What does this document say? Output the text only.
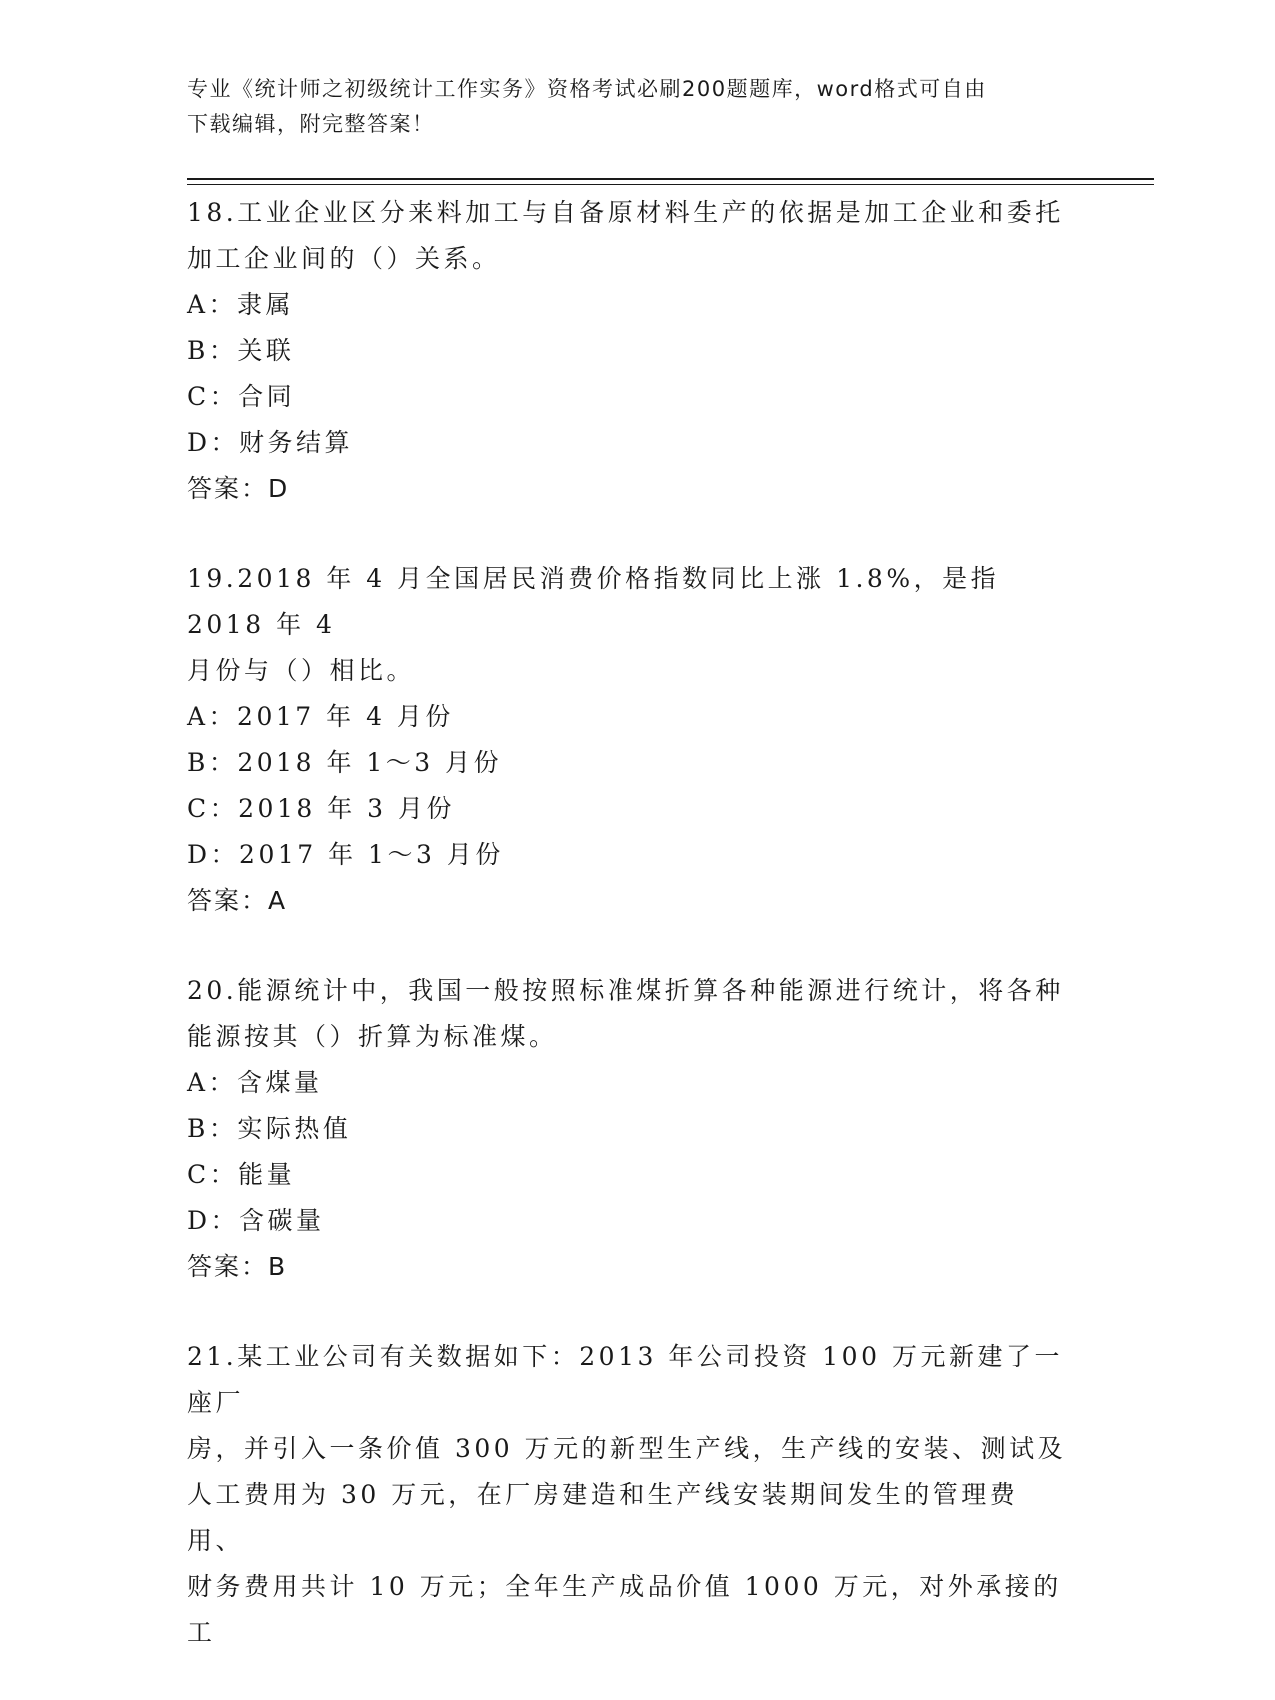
专业《统计师之初级统计工作实务》资格考试必刷200题题库，word格式可自由
下载编辑，附完整答案！

18.工业企业区分来料加工与自备原材料生产的依据是加工企业和委托
加工企业间的（）关系。

A：隶属

B：关联

C：合同

D：财务结算

答案：D

19.2018 年 4 月全国居民消费价格指数同比上涨 1.8%，是指 2018 年 4
月份与（）相比。

A：2017 年 4 月份

B：2018 年 1～3 月份

C：2018 年 3 月份

D：2017 年 1～3 月份

答案：A

20.能源统计中，我国一般按照标准煤折算各种能源进行统计，将各种
能源按其（）折算为标准煤。

A：含煤量

B：实际热值

C：能量

D：含碳量

答案：B

21.某工业公司有关数据如下：2013 年公司投资 100 万元新建了一座厂
房，并引入一条价值 300 万元的新型生产线，生产线的安装、测试及
人工费用为 30 万元，在厂房建造和生产线安装期间发生的管理费用、
财务费用共计 10 万元；全年生产成品价值 1000 万元，对外承接的工
